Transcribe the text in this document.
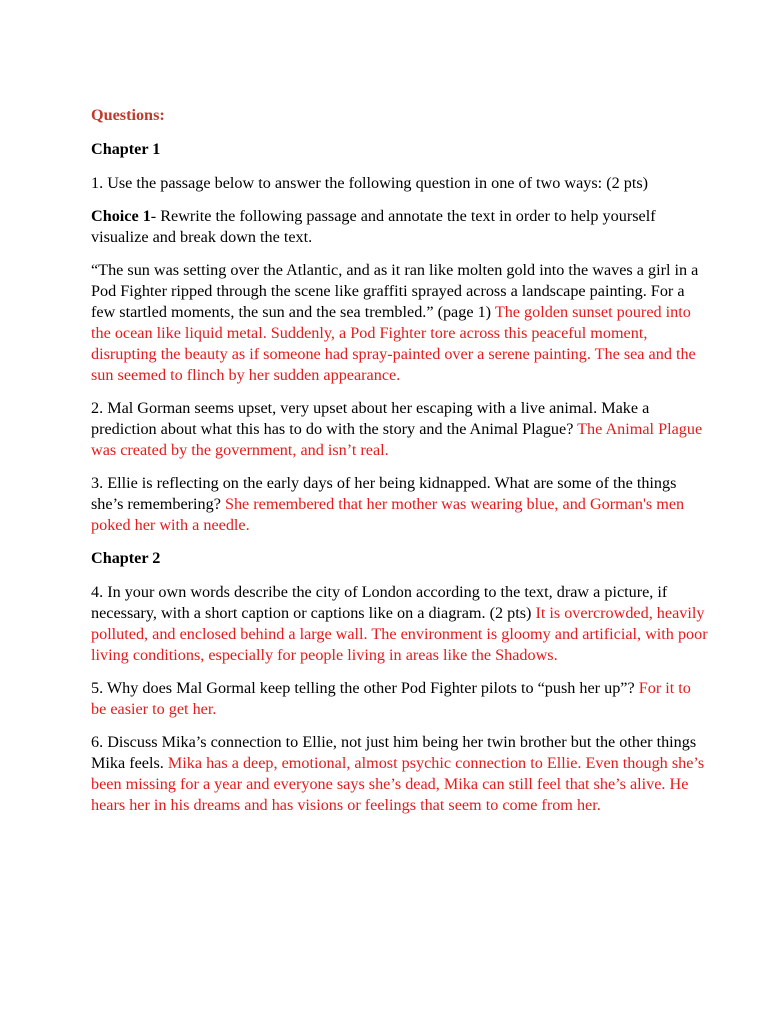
Questions:

Chapter 1

1. Use the passage below to answer the following question in one of two ways: (2 pts)

Choice 1- Rewrite the following passage and annotate the text in order to help yourself visualize and break down the text.

“The sun was setting over the Atlantic, and as it ran like molten gold into the waves a girl in a Pod Fighter ripped through the scene like graffiti sprayed across a landscape painting. For a few startled moments, the sun and the sea trembled.” (page 1) The golden sunset poured into the ocean like liquid metal. Suddenly, a Pod Fighter tore across this peaceful moment, disrupting the beauty as if someone had spray-painted over a serene painting. The sea and the sun seemed to flinch by her sudden appearance.

2. Mal Gorman seems upset, very upset about her escaping with a live animal. Make a prediction about what this has to do with the story and the Animal Plague? The Animal Plague was created by the government, and isn’t real.

3. Ellie is reflecting on the early days of her being kidnapped. What are some of the things she’s remembering? She remembered that her mother was wearing blue, and Gorman's men poked her with a needle.

Chapter 2

4. In your own words describe the city of London according to the text, draw a picture, if necessary, with a short caption or captions like on a diagram. (2 pts) It is overcrowded, heavily polluted, and enclosed behind a large wall. The environment is gloomy and artificial, with poor living conditions, especially for people living in areas like the Shadows.

5. Why does Mal Gormal keep telling the other Pod Fighter pilots to “push her up”? For it to be easier to get her.

6. Discuss Mika’s connection to Ellie, not just him being her twin brother but the other things Mika feels. Mika has a deep, emotional, almost psychic connection to Ellie. Even though she’s been missing for a year and everyone says she’s dead, Mika can still feel that she’s alive. He hears her in his dreams and has visions or feelings that seem to come from her.
